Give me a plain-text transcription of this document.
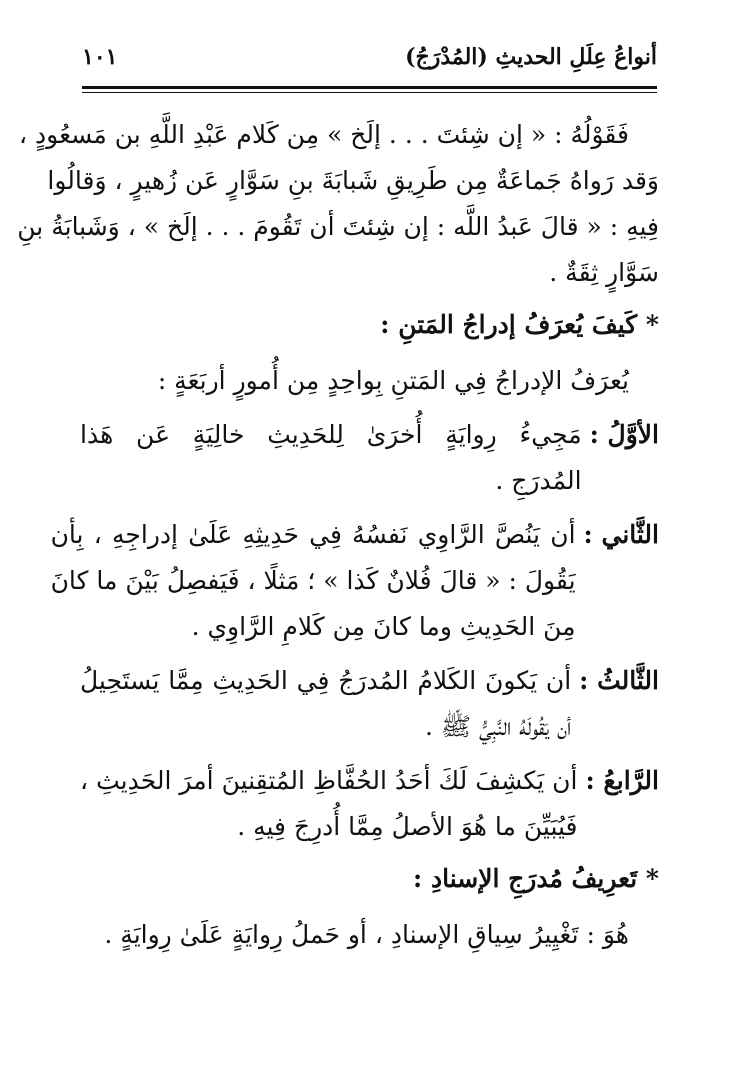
أنواعُ عِلَلِ الحديثِ (المُدْرَجُ)
١٠١
فَقَوْلُهُ : « إن شِئتَ . . . إلَخ » مِن كَلام عَبْدِ اللَّهِ بن مَسعُودٍ ،
وَقد رَواهُ جَماعَةٌ مِن طَرِيقِ شَبابَةَ بنِ سَوَّارٍ عَن زُهيرٍ ، وَقالُوا
فِيهِ : « قالَ عَبدُ اللَّه : إن شِئتَ أن تَقُومَ . . . إلَخ » ، وَشَبابَةُ بنِ
سَوَّارٍ ثِقَةٌ .
* كَيفَ يُعرَفُ إدراجُ المَتنِ :
يُعرَفُ الإدراجُ فِي المَتنِ بِواحِدٍ مِن أُمورٍ أربَعَةٍ :
الأوَّلُ :
مَجِيءُ رِوايَةٍ أُخرَىٰ لِلحَدِيثِ خالِيَةٍ عَن هَذا
المُدرَجِ .
الثَّاني :
أن يَنُصَّ الرَّاوِي نَفسُهُ فِي حَدِيثِهِ عَلَىٰ إدراجِهِ ، بِأن
يَقُولَ : « قالَ فُلانٌ كَذا » ؛ مَثلًا ، فَيَفصِلُ بَيْنَ ما كانَ
مِنَ الحَدِيثِ وما كانَ مِن كَلامِ الرَّاوِي .
الثَّالثُ :
أن يَكونَ الكَلامُ المُدرَجُ فِي الحَدِيثِ مِمَّا يَستَحِيلُ
أن يَقُولَهُ النَّبِيُّ ﷺ .
الرَّابعُ :
أن يَكشِفَ لَكَ أحَدُ الحُفَّاظِ المُتقِنينَ أمرَ الحَدِيثِ ،
فَيُبَيِّنَ ما هُوَ الأصلُ مِمَّا أُدرِجَ فِيهِ .
* تَعرِيفُ مُدرَجِ الإسنادِ :
هُوَ : تَغْيِيرُ سِياقِ الإسنادِ ، أو حَملُ رِوايَةٍ عَلَىٰ رِوايَةٍ .
